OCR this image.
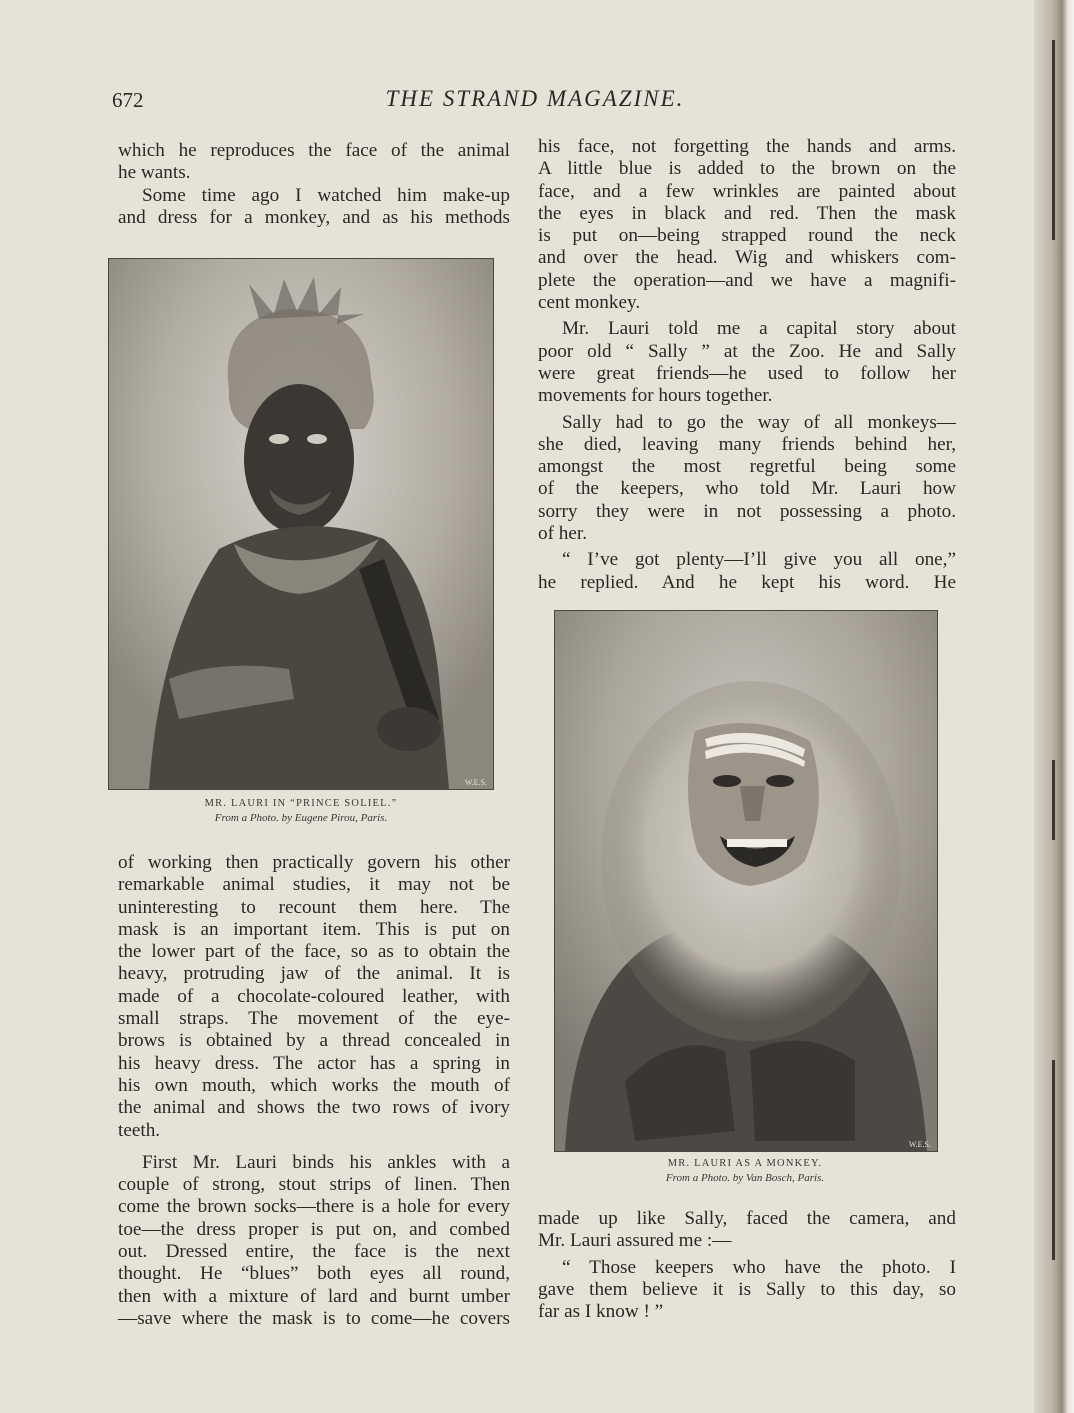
672	THE STRAND MAGAZINE.

which he reproduces the face of the animal

he wants.

Some time ago I watched him make-up

and dress for a monkey, and as his methods

W.E.S.
MR. LAURI IN “PRINCE SOLIEL.”
From a Photo. by Eugene Pirou, Paris.

of working then practically govern his other

remarkable animal studies, it may not be

uninteresting to recount them here. The

mask is an important item. This is put on

the lower part of the face, so as to obtain the

heavy, protruding jaw of the animal. It is

made of a chocolate-coloured leather, with

small straps. The movement of the eye-

brows is obtained by a thread concealed in

his heavy dress. The actor has a spring in

his own mouth, which works the mouth of

the animal and shows the two rows of ivory

teeth.

First Mr. Lauri binds his ankles with a

couple of strong, stout strips of linen. Then

come the brown socks—there is a hole for every

toe—the dress proper is put on, and combed

out. Dressed entire, the face is the next

thought. He “blues” both eyes all round,

then with a mixture of lard and burnt umber

—save where the mask is to come—he covers

his face, not forgetting the hands and arms.

A little blue is added to the brown on the

face, and a few wrinkles are painted about

the eyes in black and red. Then the mask

is put on—being strapped round the neck

and over the head. Wig and whiskers com-

plete the operation—and we have a magnifi-

cent monkey.

Mr. Lauri told me a capital story about

poor old “ Sally ” at the Zoo. He and Sally

were great friends—he used to follow her

movements for hours together.

Sally had to go the way of all monkeys—

she died, leaving many friends behind her,

amongst the most regretful being some

of the keepers, who told Mr. Lauri how

sorry they were in not possessing a photo.

of her.

“ I’ve got plenty—I’ll give you all one,”

he replied. And he kept his word. He

W.E.S.
MR. LAURI AS A MONKEY.
From a Photo. by Van Bosch, Paris.

made up like Sally, faced the camera, and

Mr. Lauri assured me :—

“ Those keepers who have the photo. I

gave them believe it is Sally to this day, so

far as I know ! ”
